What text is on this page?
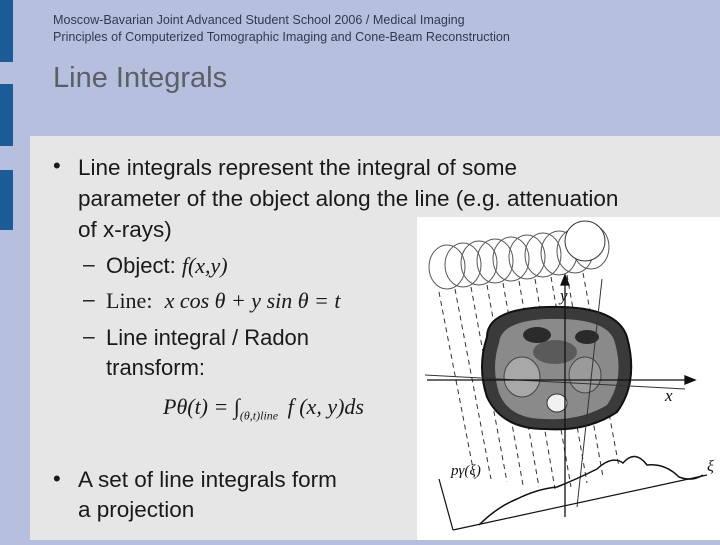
Moscow-Bavarian Joint Advanced Student School 2006 / Medical Imaging
Principles of Computerized Tomographic Imaging and Cone-Beam Reconstruction
Line Integrals
• Line integrals represent the integral of some
parameter of the object along the line (e.g. attenuation
of x-rays)
– Object: f(x,y)
– Line: x cos θ + y sin θ = t
– Line integral / Radon
transform:
$P\theta(t) = \int_{(\theta,t)line}$ f (x, y)ds
• A set of line integrals form
a projection
y
x
ξ
pγ(ξ)
